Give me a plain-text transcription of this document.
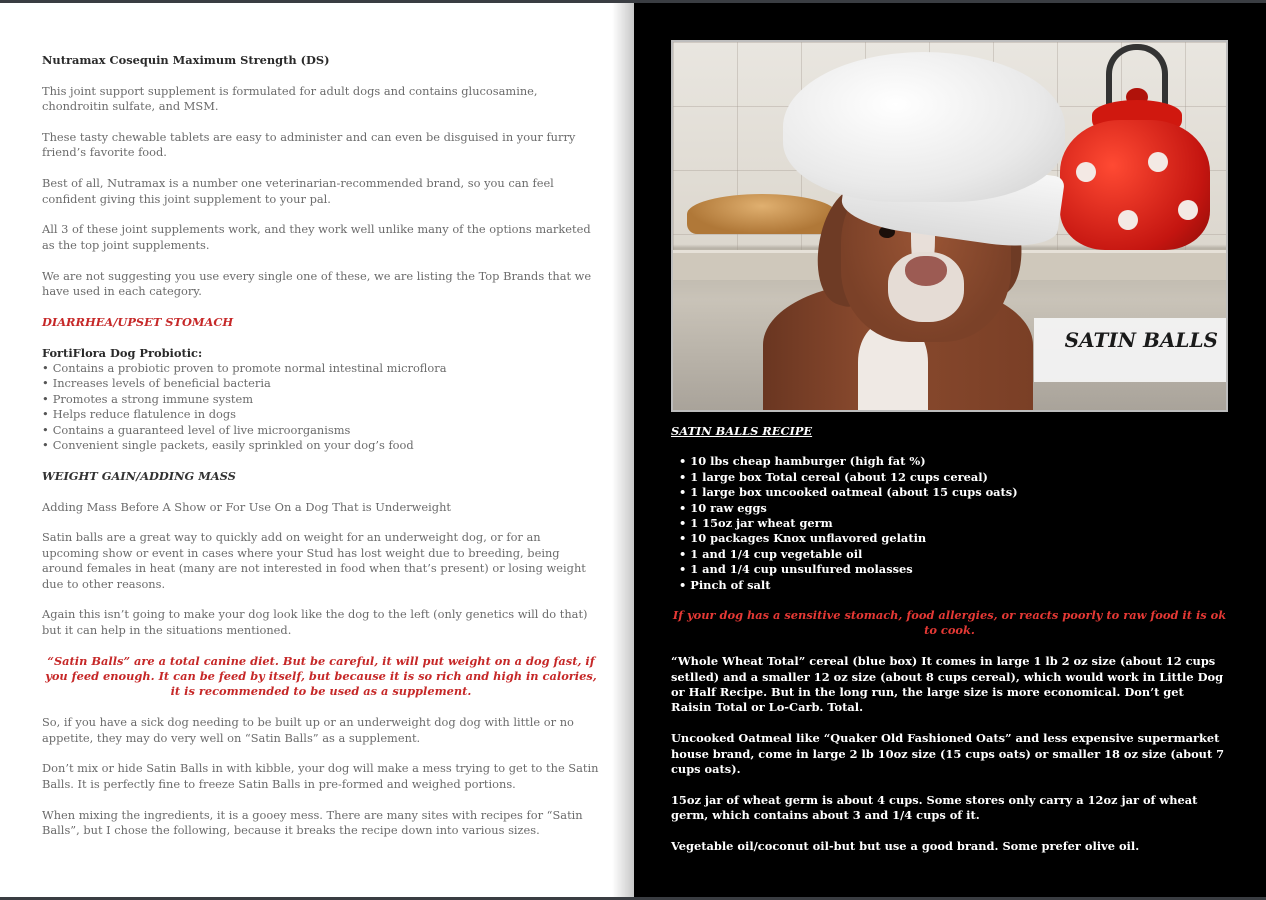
Nutramax Cosequin Maximum Strength (DS)

This joint support supplement is formulated for adult dogs and contains glucosamine, chondroitin sulfate, and MSM.

These tasty chewable tablets are easy to administer and can even be disguised in your furry friend’s favorite food.

Best of all, Nutramax is a number one veterinarian-recommended brand, so you can feel confident giving this joint supplement to your pal.

All 3 of these joint supplements work, and they work well unlike many of the options marketed as the top joint supplements.

We are not suggesting you use every single one of these, we are listing the Top Brands that we have used in each category.

DIARRHEA/UPSET STOMACH
FortiFlora Dog Probiotic:
• Contains a probiotic proven to promote normal intestinal microflora
• Increases levels of beneficial bacteria
• Promotes a strong immune system
• Helps reduce flatulence in dogs
• Contains a guaranteed level of live microorganisms
• Convenient single packets, easily sprinkled on your dog’s food
WEIGHT GAIN/ADDING MASS

Adding Mass Before A Show or For Use On a Dog That is Underweight

Satin balls are a great way to quickly add on weight for an underweight dog, or for an upcoming show or event in cases where your Stud has lost weight due to breeding, being around females in heat (many are not interested in food when that’s present) or losing weight due to other reasons.

Again this isn’t going to make your dog look like the dog to the left (only genetics will do that) but it can help in the situations mentioned.

“Satin Balls” are a total canine diet. But be careful, it will put weight on a dog fast, if you feed enough. It can be feed by itself, but because it is so rich and high in calories, it is recommended to be used as a supplement.

So, if you have a sick dog needing to be built up or an underweight dog dog with little or no appetite, they may do very well on “Satin Balls” as a supplement.

Don’t mix or hide Satin Balls in with kibble, your dog will make a mess trying to get to the Satin Balls. It is perfectly fine to freeze Satin Balls in pre-formed and weighed portions.

When mixing the ingredients, it is a gooey mess. There are many sites with recipes for “Satin Balls”, but I chose the following, because it breaks the recipe down into various sizes.

SATIN BALLS
SATIN BALLS RECIPE
• 10 lbs cheap hamburger (high fat %)
• 1 large box Total cereal (about 12 cups cereal)
• 1 large box uncooked oatmeal (about 15 cups oats)
• 10 raw eggs
• 1 15oz jar wheat germ
• 10 packages Knox unflavored gelatin
• 1 and 1/4 cup vegetable oil
• 1 and 1/4 cup unsulfured molasses
• Pinch of salt

If your dog has a sensitive stomach, food allergies, or reacts poorly to raw food it is ok to cook.

“Whole Wheat Total” cereal (blue box) It comes in large 1 lb 2 oz size (about 12 cups setlled) and a smaller 12 oz size (about 8 cups cereal), which would work in Little Dog or Half Recipe. But in the long run, the large size is more economical. Don’t get Raisin Total or Lo-Carb. Total.

Uncooked Oatmeal like “Quaker Old Fashioned Oats” and less expensive supermarket house brand, come in large 2 lb 10oz size (15 cups oats) or smaller 18 oz size (about 7 cups oats).

15oz jar of wheat germ is about 4 cups. Some stores only carry a 12oz jar of wheat germ, which contains about 3 and 1/4 cups of it.

Vegetable oil/coconut oil-but but use a good brand. Some prefer olive oil.
